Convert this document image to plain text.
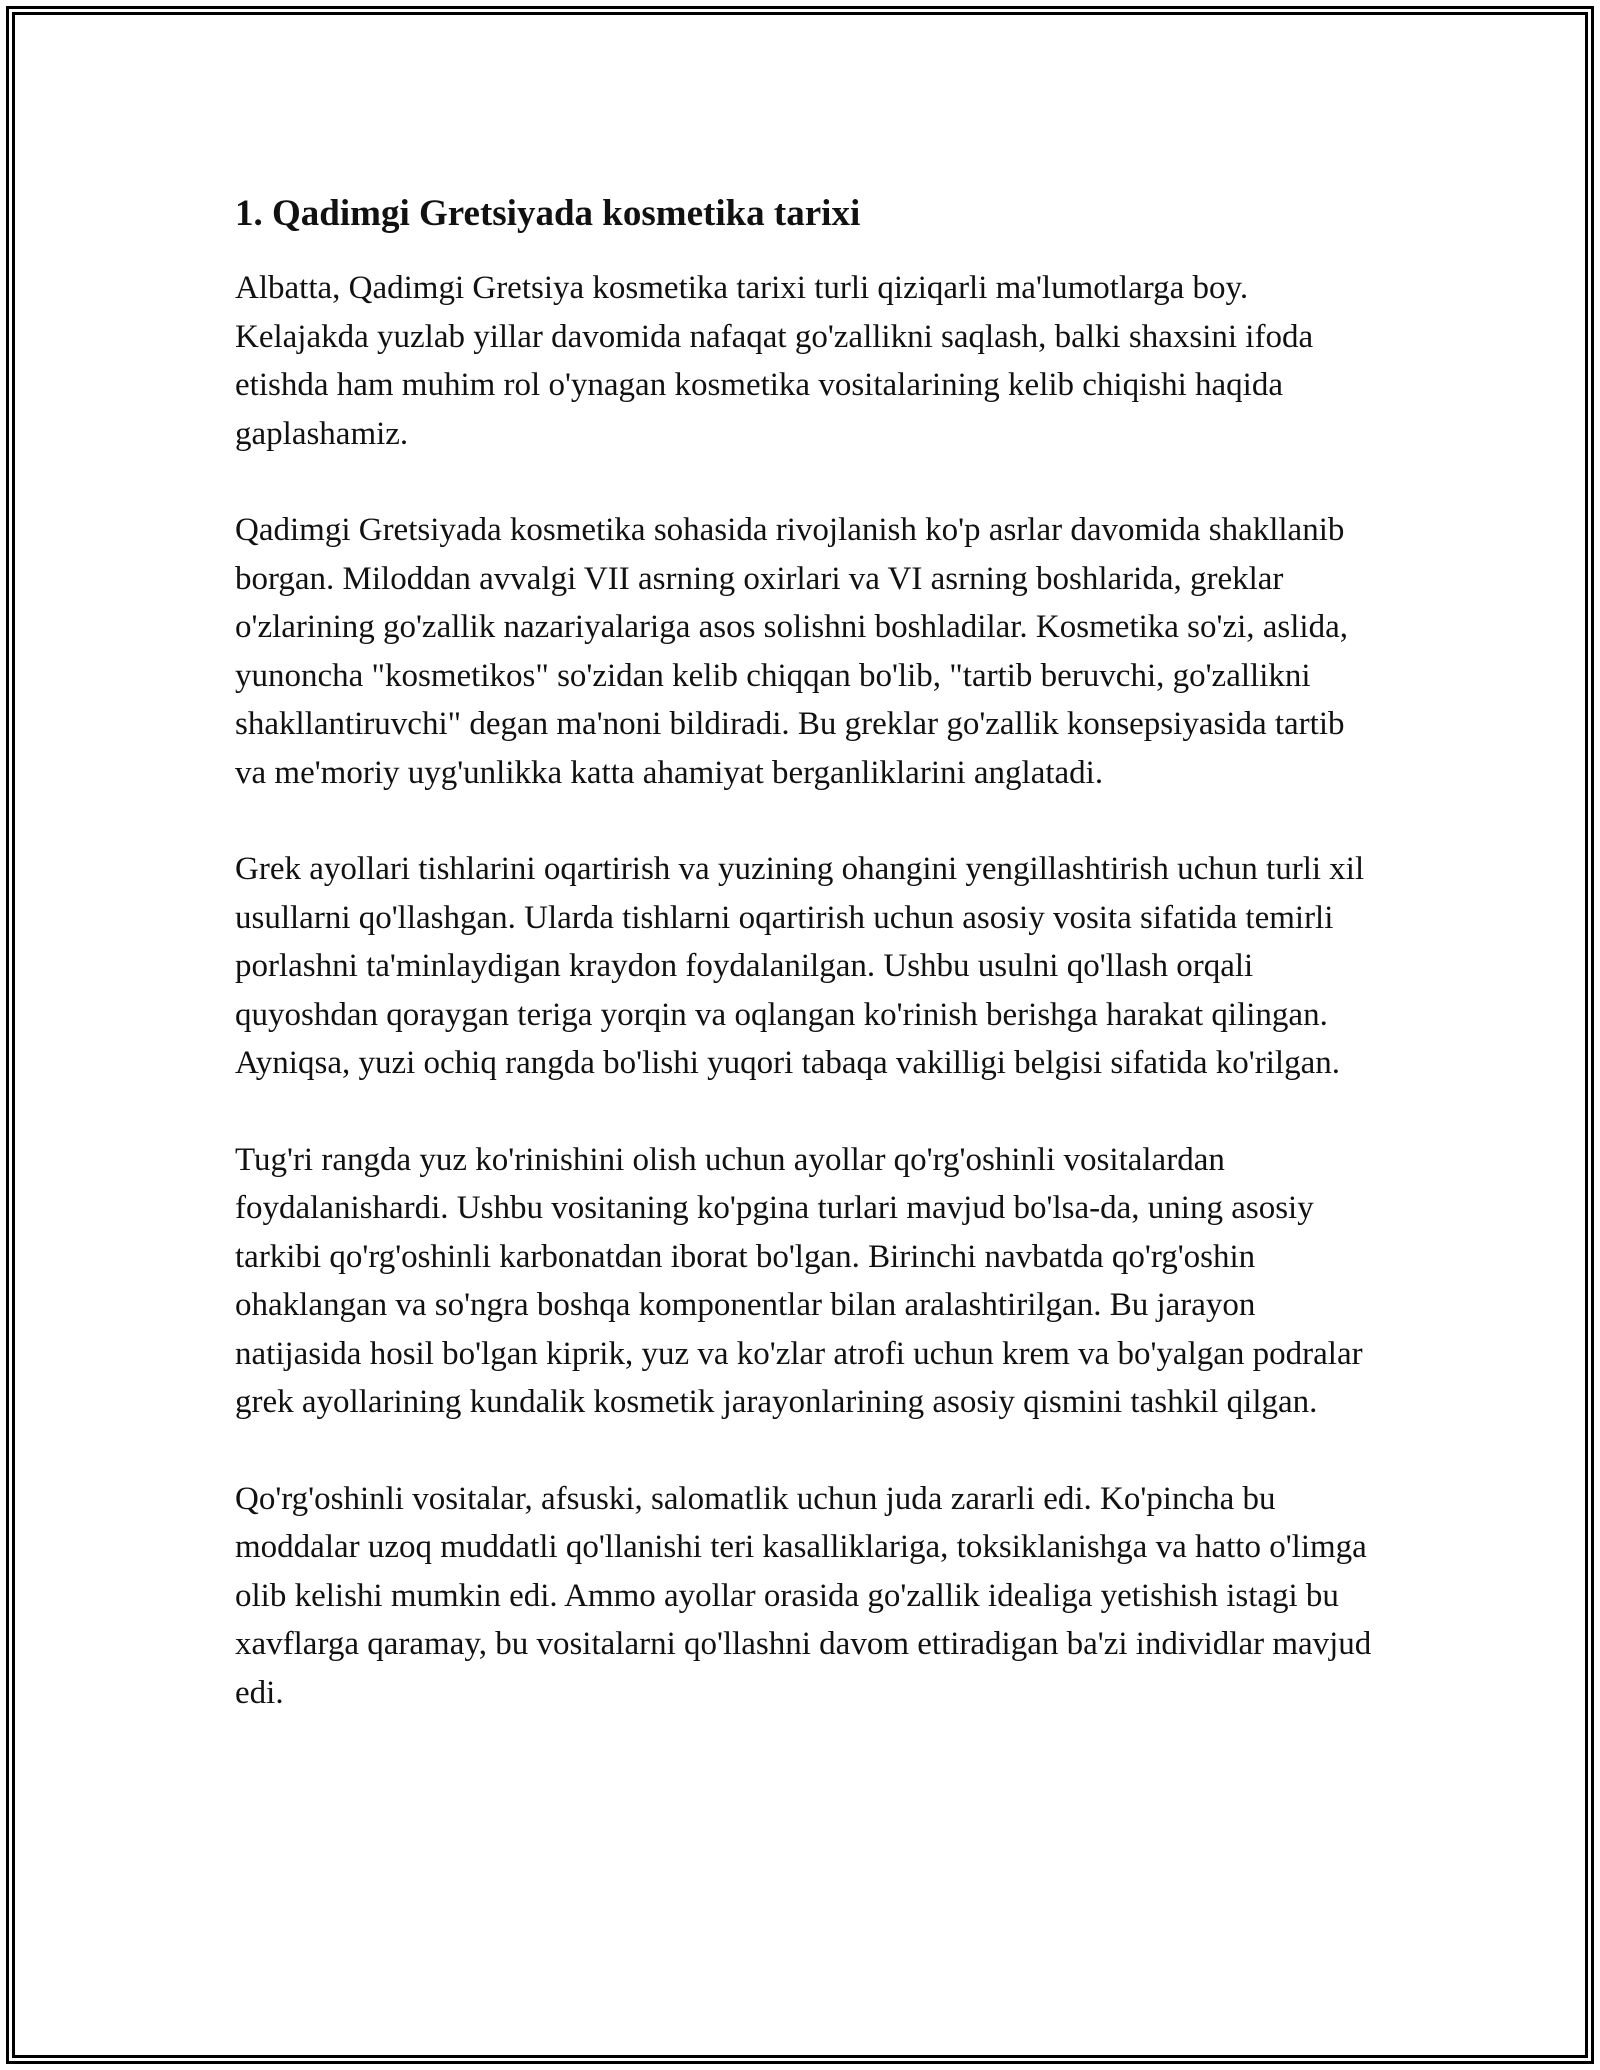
1. Qadimgi Gretsiyada kosmetika tarixi

Albatta, Qadimgi Gretsiya kosmetika tarixi turli qiziqarli ma'lumotlarga boy. Kelajakda yuzlab yillar davomida nafaqat go'zallikni saqlash, balki shaxsini ifoda etishda ham muhim rol o'ynagan kosmetika vositalarining kelib chiqishi haqida gaplashamiz.

Qadimgi Gretsiyada kosmetika sohasida rivojlanish ko'p asrlar davomida shakllanib borgan. Miloddan avvalgi VII asrning oxirlari va VI asrning boshlarida, greklar o'zlarining go'zallik nazariyalariga asos solishni boshladilar. Kosmetika so'zi, aslida, yunoncha "kosmetikos" so'zidan kelib chiqqan bo'lib, "tartib beruvchi, go'zallikni shakllantiruvchi" degan ma'noni bildiradi. Bu greklar go'zallik konsepsiyasida tartib va me'moriy uyg'unlikka katta ahamiyat berganliklarini anglatadi.

Grek ayollari tishlarini oqartirish va yuzining ohangini yengillashtirish uchun turli xil usullarni qo'llashgan. Ularda tishlarni oqartirish uchun asosiy vosita sifatida temirli porlashni ta'minlaydigan kraydon foydalanilgan. Ushbu usulni qo'llash orqali quyoshdan qoraygan teriga yorqin va oqlangan ko'rinish berishga harakat qilingan. Ayniqsa, yuzi ochiq rangda bo'lishi yuqori tabaqa vakilligi belgisi sifatida ko'rilgan.

Tug'ri rangda yuz ko'rinishini olish uchun ayollar qo'rg'oshinli vositalardan foydalanishardi. Ushbu vositaning ko'pgina turlari mavjud bo'lsa-da, uning asosiy tarkibi qo'rg'oshinli karbonatdan iborat bo'lgan. Birinchi navbatda qo'rg'oshin ohaklangan va so'ngra boshqa komponentlar bilan aralashtirilgan. Bu jarayon natijasida hosil bo'lgan kiprik, yuz va ko'zlar atrofi uchun krem va bo'yalgan podralar grek ayollarining kundalik kosmetik jarayonlarining asosiy qismini tashkil qilgan.

Qo'rg'oshinli vositalar, afsuski, salomatlik uchun juda zararli edi. Ko'pincha bu moddalar uzoq muddatli qo'llanishi teri kasalliklariga, toksiklanishga va hatto o'limga olib kelishi mumkin edi. Ammo ayollar orasida go'zallik idealiga yetishish istagi bu xavflarga qaramay, bu vositalarni qo'llashni davom ettiradigan ba'zi individlar mavjud edi.
